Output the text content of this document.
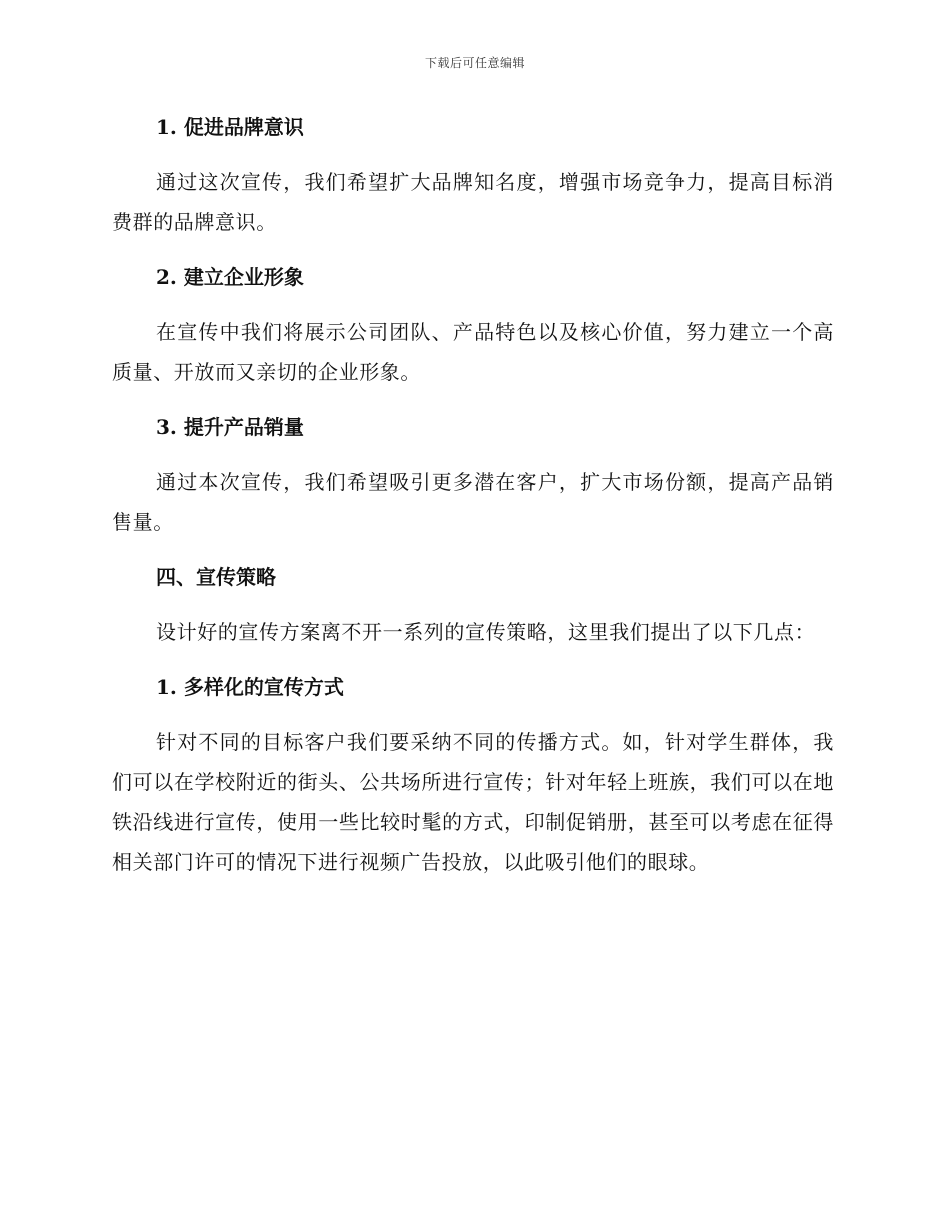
下载后可任意编辑
1. 促进品牌意识

通过这次宣传，我们希望扩大品牌知名度，增强市场竞争力，提高目标消费群的品牌意识。

2. 建立企业形象

在宣传中我们将展示公司团队、产品特色以及核心价值，努力建立一个高质量、开放而又亲切的企业形象。

3. 提升产品销量

通过本次宣传，我们希望吸引更多潜在客户，扩大市场份额，提高产品销售量。

四、宣传策略

设计好的宣传方案离不开一系列的宣传策略，这里我们提出了以下几点：

1. 多样化的宣传方式

针对不同的目标客户我们要采纳不同的传播方式。如，针对学生群体，我们可以在学校附近的街头、公共场所进行宣传；针对年轻上班族，我们可以在地铁沿线进行宣传，使用一些比较时髦的方式，印制促销册，甚至可以考虑在征得相关部门许可的情况下进行视频广告投放，以此吸引他们的眼球。
